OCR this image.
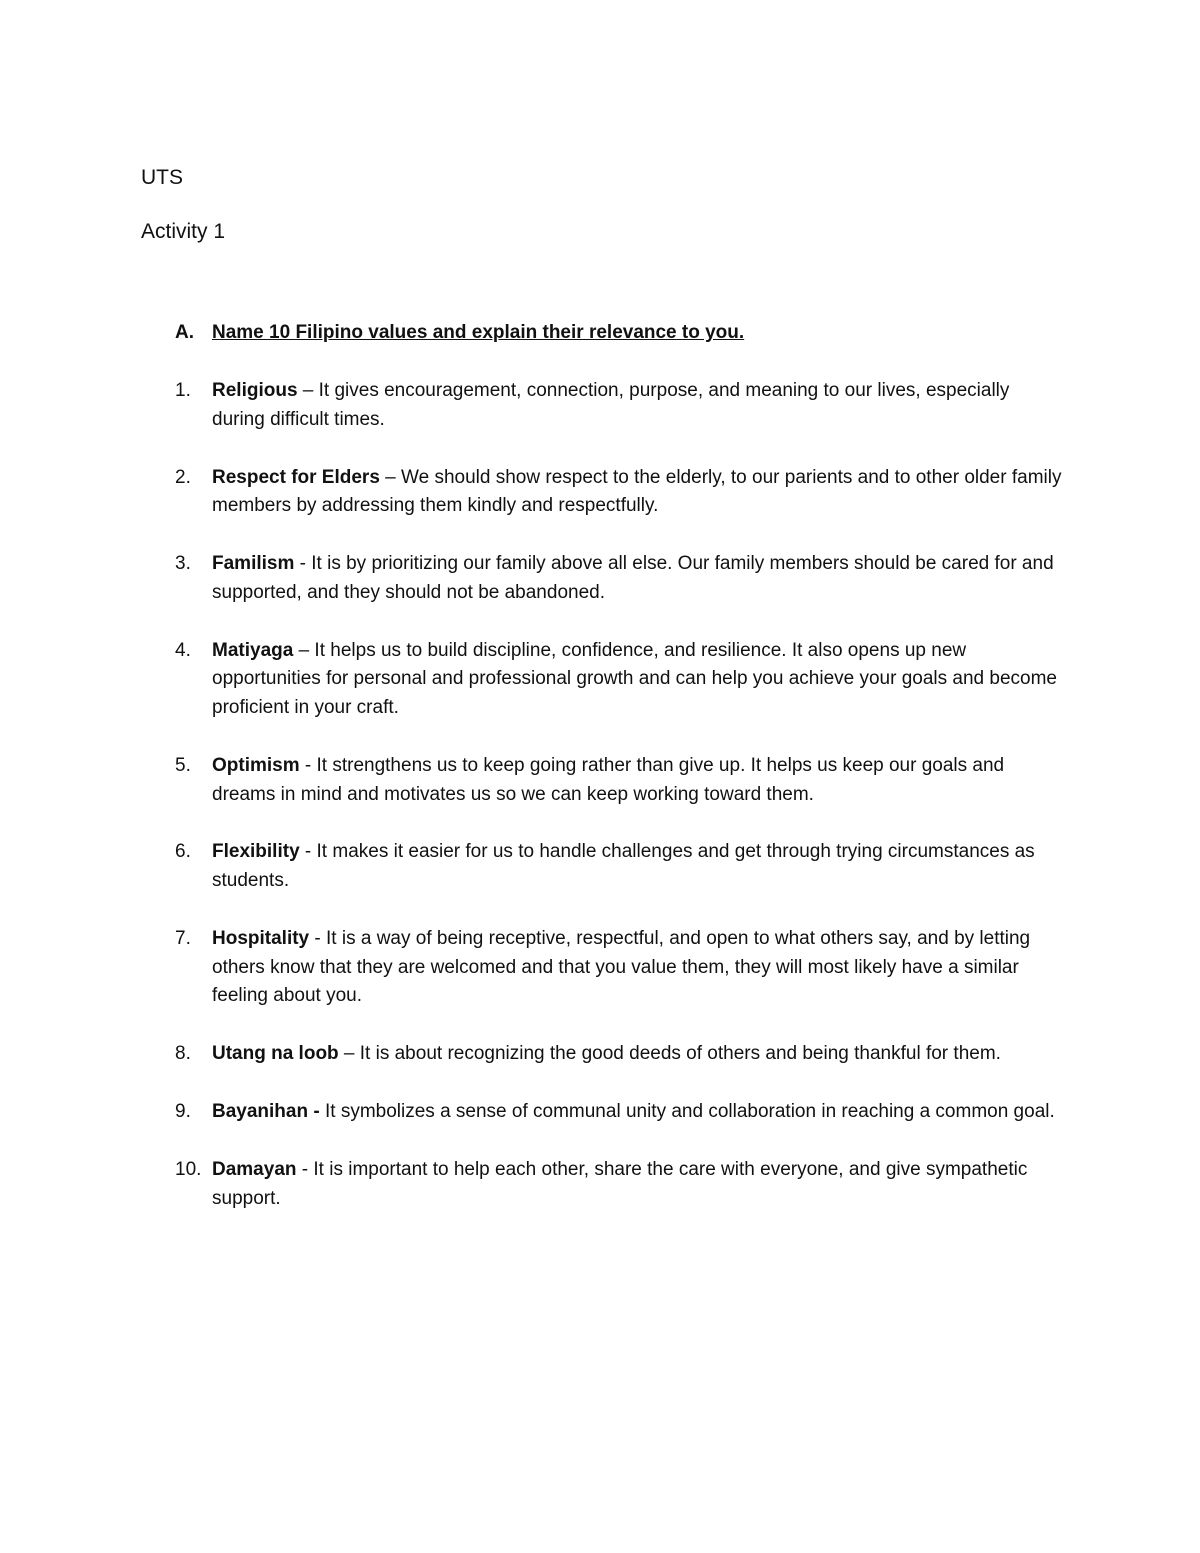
UTS
Activity 1
A. Name 10 Filipino values and explain their relevance to you.
1. Religious – It gives encouragement, connection, purpose, and meaning to our lives, especially during difficult times.
2. Respect for Elders – We should show respect to the elderly, to our parients and to other older family members by addressing them kindly and respectfully.
3. Familism - It is by prioritizing our family above all else. Our family members should be cared for and supported, and they should not be abandoned.
4. Matiyaga – It helps us to build discipline, confidence, and resilience. It also opens up new opportunities for personal and professional growth and can help you achieve your goals and become proficient in your craft.
5. Optimism - It strengthens us to keep going rather than give up. It helps us keep our goals and dreams in mind and motivates us so we can keep working toward them.
6. Flexibility - It makes it easier for us to handle challenges and get through trying circumstances as students.
7. Hospitality - It is a way of being receptive, respectful, and open to what others say, and by letting others know that they are welcomed and that you value them, they will most likely have a similar feeling about you.
8. Utang na loob – It is about recognizing the good deeds of others and being thankful for them.
9. Bayanihan - It symbolizes a sense of communal unity and collaboration in reaching a common goal.
10. Damayan - It is important to help each other, share the care with everyone, and give sympathetic support.
